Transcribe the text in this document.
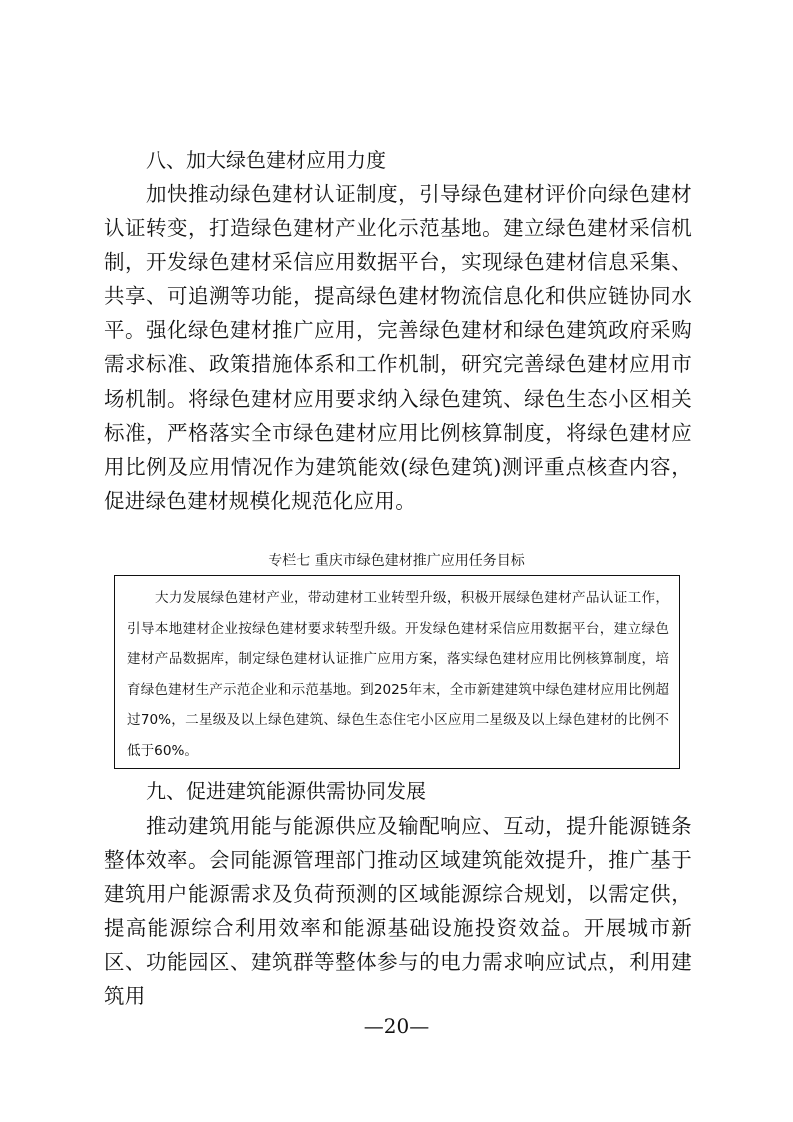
八、加大绿色建材应用力度

加快推动绿色建材认证制度，引导绿色建材评价向绿色建材认证转变，打造绿色建材产业化示范基地。建立绿色建材采信机制，开发绿色建材采信应用数据平台，实现绿色建材信息采集、共享、可追溯等功能，提高绿色建材物流信息化和供应链协同水平。强化绿色建材推广应用，完善绿色建材和绿色建筑政府采购需求标准、政策措施体系和工作机制，研究完善绿色建材应用市场机制。将绿色建材应用要求纳入绿色建筑、绿色生态小区相关标准，严格落实全市绿色建材应用比例核算制度，将绿色建材应用比例及应用情况作为建筑能效(绿色建筑)测评重点核查内容，促进绿色建材规模化规范化应用。

专栏七 重庆市绿色建材推广应用任务目标

大力发展绿色建材产业，带动建材工业转型升级，积极开展绿色建材产品认证工作，引导本地建材企业按绿色建材要求转型升级。开发绿色建材采信应用数据平台，建立绿色建材产品数据库，制定绿色建材认证推广应用方案，落实绿色建材应用比例核算制度，培育绿色建材生产示范企业和示范基地。到2025年末，全市新建建筑中绿色建材应用比例超过70%，二星级及以上绿色建筑、绿色生态住宅小区应用二星级及以上绿色建材的比例不低于60%。

九、促进建筑能源供需协同发展

推动建筑用能与能源供应及输配响应、互动，提升能源链条整体效率。会同能源管理部门推动区域建筑能效提升，推广基于建筑用户能源需求及负荷预测的区域能源综合规划，以需定供，提高能源综合利用效率和能源基础设施投资效益。开展城市新区、功能园区、建筑群等整体参与的电力需求响应试点，利用建筑用

—20—
